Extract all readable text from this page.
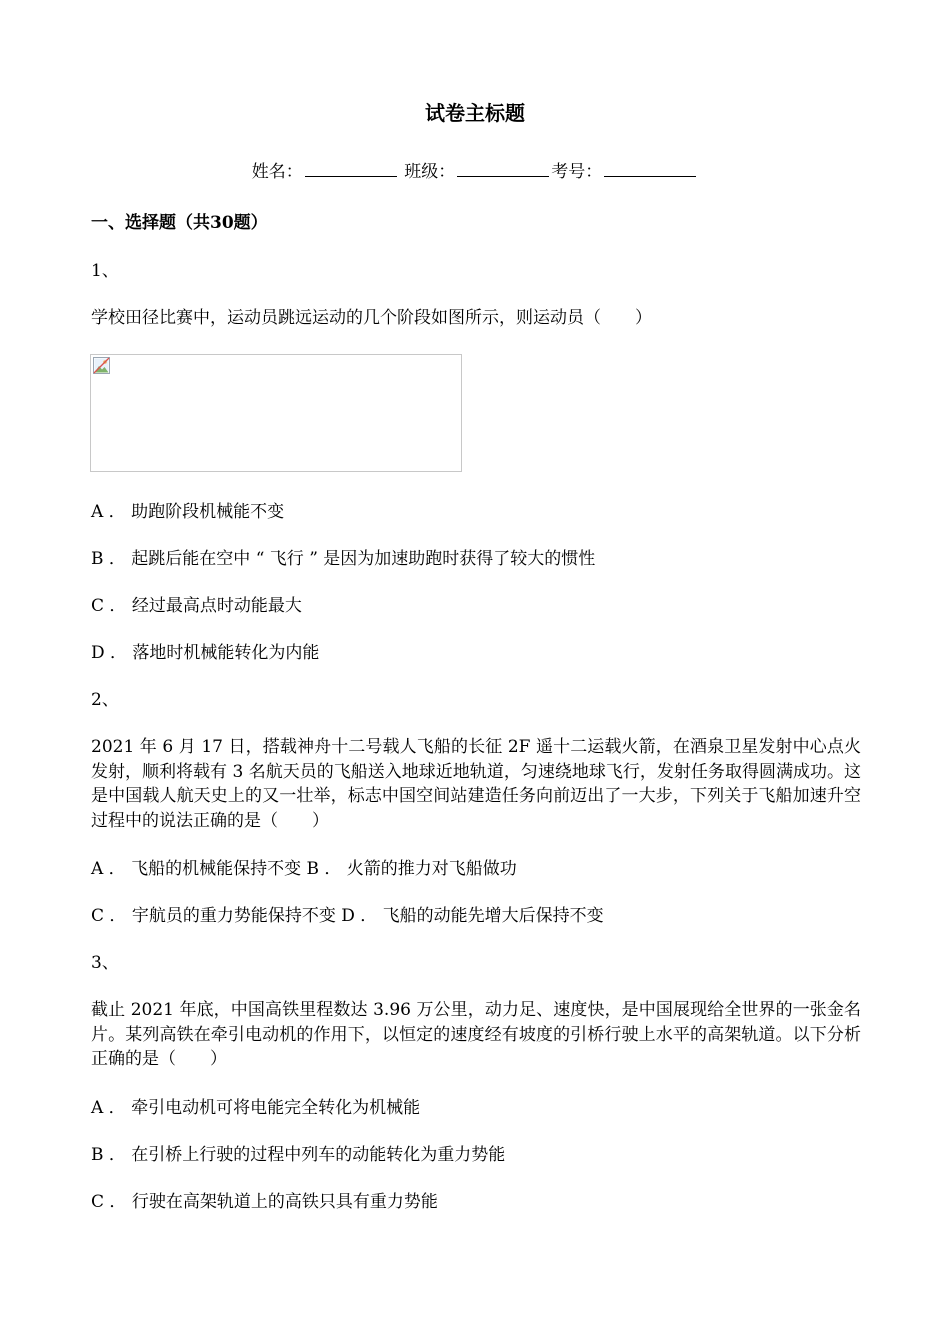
试卷主标题
姓名：	班级：	考号：
一、选择题（共30题）
1、
学校田径比赛中，运动员跳远运动的几个阶段如图所示，则运动员（　　）
A ． 助跑阶段机械能不变
B ． 起跳后能在空中 “ 飞行 ” 是因为加速助跑时获得了较大的惯性
C ． 经过最高点时动能最大
D ． 落地时机械能转化为内能
2、
2021 年 6 月 17 日，搭载神舟十二号载人飞船的长征 2F 遥十二运载火箭，在酒泉卫星发射中心点火发射，顺利将载有 3 名航天员的飞船送入地球近地轨道，匀速绕地球飞行，发射任务取得圆满成功。这是中国载人航天史上的又一壮举，标志中国空间站建造任务向前迈出了一大步，下列关于飞船加速升空过程中的说法正确的是（　　）
A ． 飞船的机械能保持不变 B ． 火箭的推力对飞船做功
C ． 宇航员的重力势能保持不变 D ． 飞船的动能先增大后保持不变
3、
截止 2021 年底，中国高铁里程数达 3.96 万公里，动力足、速度快，是中国展现给全世界的一张金名片。某列高铁在牵引电动机的作用下，以恒定的速度经有坡度的引桥行驶上水平的高架轨道。以下分析正确的是（　　）
A ． 牵引电动机可将电能完全转化为机械能
B ． 在引桥上行驶的过程中列车的动能转化为重力势能
C ． 行驶在高架轨道上的高铁只具有重力势能
